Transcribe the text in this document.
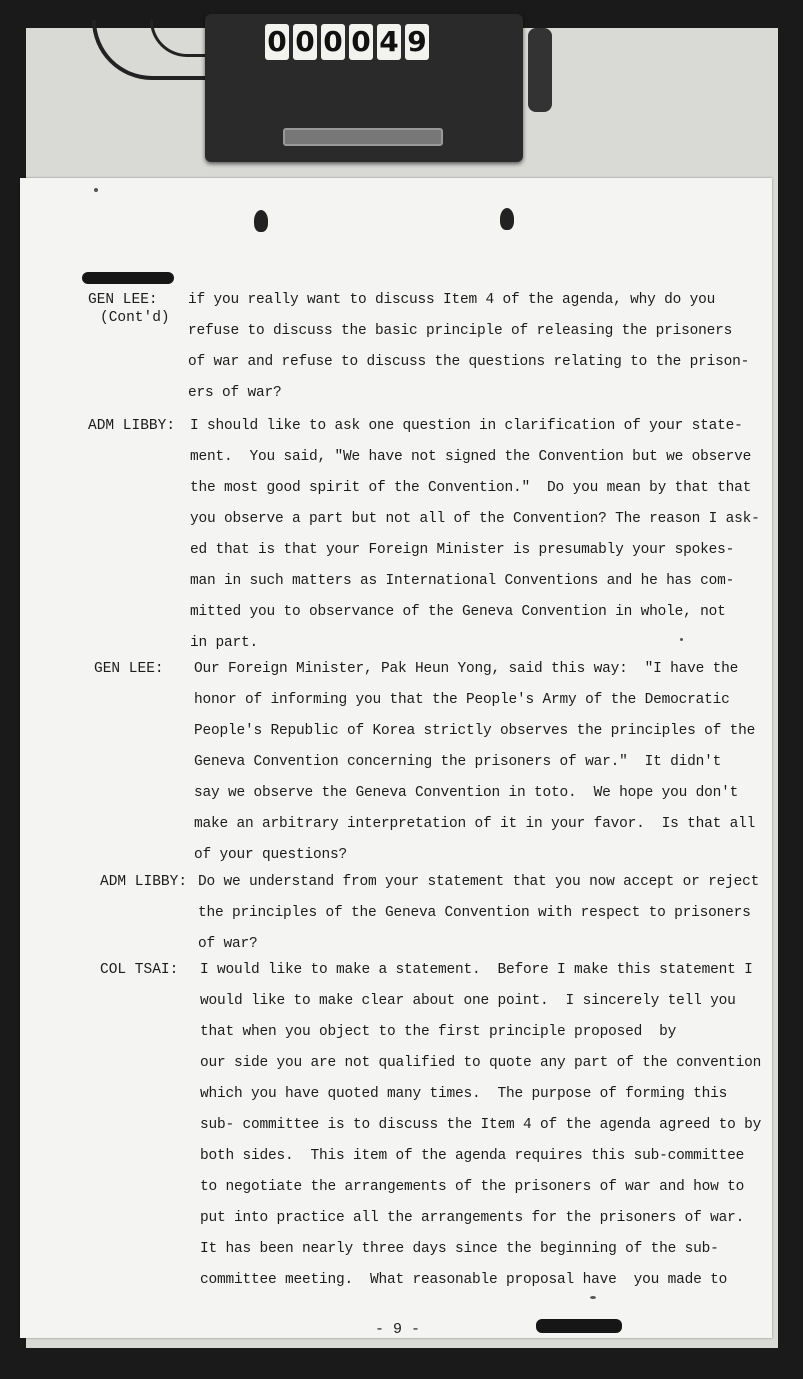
0 0 0 0 4 9
GEN LEE:
(Cont'd)
if you really want to discuss Item 4 of the agenda, why do you
refuse to discuss the basic principle of releasing the prisoners
of war and refuse to discuss the questions relating to the prison-
ers of war?
ADM LIBBY: I should like to ask one question in clarification of your state-
ment.  You said, "We have not signed the Convention but we observe
the most good spirit of the Convention."  Do you mean by that that
you observe a part but not all of the Convention? The reason I ask-
ed that is that your Foreign Minister is presumably your spokes-
man in such matters as International Conventions and he has com-
mitted you to observance of the Geneva Convention in whole, not
in part.
GEN LEE: Our Foreign Minister, Pak Heun Yong, said this way:  "I have the
honor of informing you that the People's Army of the Democratic
People's Republic of Korea strictly observes the principles of the
Geneva Convention concerning the prisoners of war."  It didn't
say we observe the Geneva Convention in toto.  We hope you don't
make an arbitrary interpretation of it in your favor.  Is that all
of your questions?
ADM LIBBY: Do we understand from your statement that you now accept or reject
the principles of the Geneva Convention with respect to prisoners
of war?
COL TSAI: I would like to make a statement.  Before I make this statement I
would like to make clear about one point.  I sincerely tell you
that when you object to the first principle proposed  by
our side you are not qualified to quote any part of the convention
which you have quoted many times.  The purpose of forming this
sub- committee is to discuss the Item 4 of the agenda agreed to by
both sides.  This item of the agenda requires this sub-committee
to negotiate the arrangements of the prisoners of war and how to
put into practice all the arrangements for the prisoners of war.
It has been nearly three days since the beginning of the sub-
committee meeting.  What reasonable proposal have  you made to
- 9 -
